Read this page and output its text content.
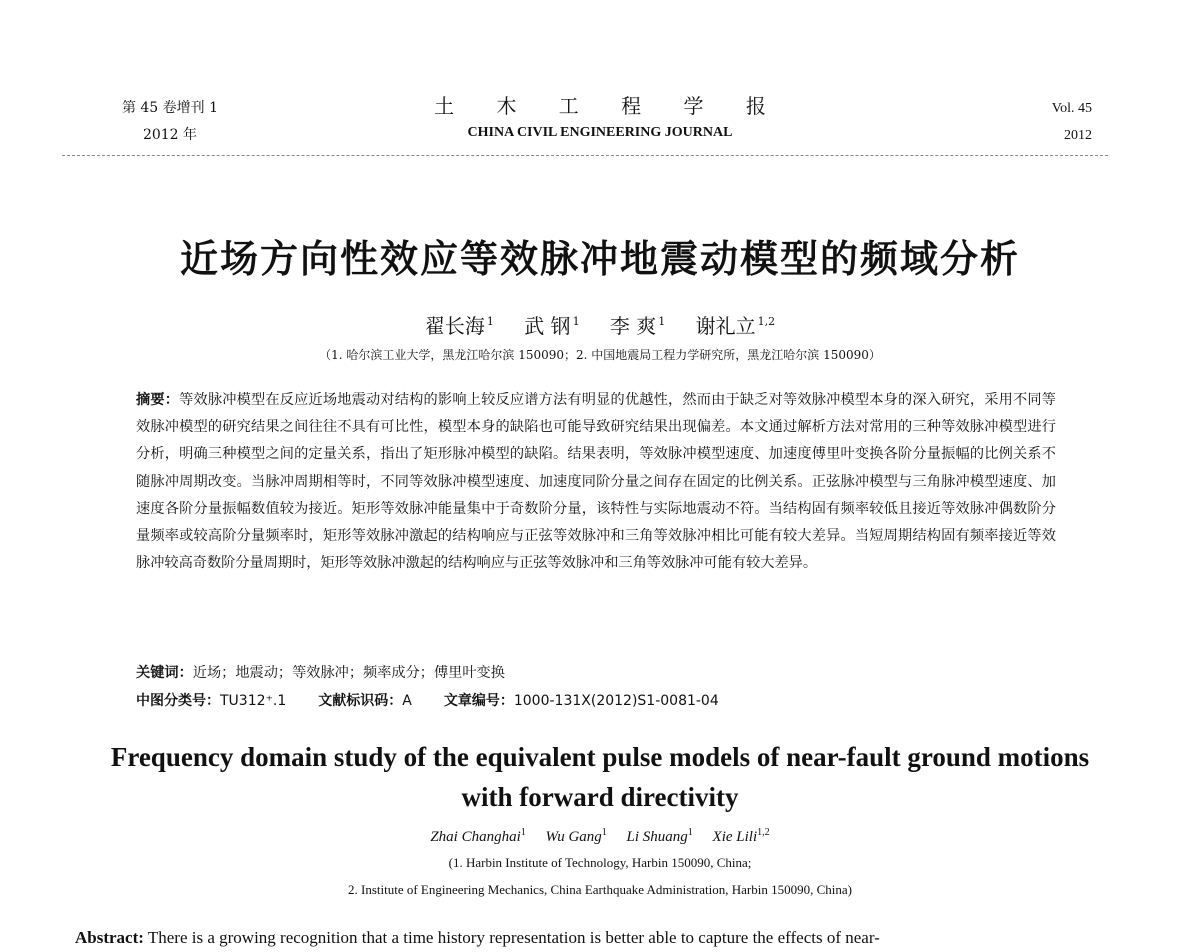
第 45 卷增刊 1
2012 年
土 木 工 程 学 报
CHINA CIVIL ENGINEERING JOURNAL
Vol. 45
2012
近场方向性效应等效脉冲地震动模型的频域分析
翟长海 $^1$ 武 钢 $^1$ 李 爽 $^1$ 谢礼立 $^{1,2}$
（1. 哈尔滨工业大学，黑龙江哈尔滨 150090；2. 中国地震局工程力学研究所，黑龙江哈尔滨 150090）
摘要：等效脉冲模型在反应近场地震动对结构的影响上较反应谱方法有明显的优越性，然而由于缺乏对等效脉冲模型本身的深入研究，采用不同等效脉冲模型的研究结果之间往往不具有可比性，模型本身的缺陷也可能导致研究结果出现偏差。本文通过解析方法对常用的三种等效脉冲模型进行分析，明确三种模型之间的定量关系，指出了矩形脉冲模型的缺陷。结果表明，等效脉冲模型速度、加速度傅里叶变换各阶分量振幅的比例关系不随脉冲周期改变。当脉冲周期相等时，不同等效脉冲模型速度、加速度同阶分量之间存在固定的比例关系。正弦脉冲模型与三角脉冲模型速度、加速度各阶分量振幅数值较为接近。矩形等效脉冲能量集中于奇数阶分量，该特性与实际地震动不符。当结构固有频率较低且接近等效脉冲偶数阶分量频率或较高阶分量频率时，矩形等效脉冲激起的结构响应与正弦等效脉冲和三角等效脉冲相比可能有较大差异。当短周期结构固有频率接近等效脉冲较高奇数阶分量周期时，矩形等效脉冲激起的结构响应与正弦等效脉冲和三角等效脉冲可能有较大差异。
关键词：近场；地震动；等效脉冲；频率成分；傅里叶变换
中图分类号：TU312⁺.1 文献标识码：A 文章编号：1000-131X(2012)S1-0081-04
Frequency domain study of the equivalent pulse models of near-fault ground motions with forward directivity
Zhai Changhai$^1$ Wu Gang$^1$ Li Shuang$^1$ Xie Lili$^{1,2}$
(1. Harbin Institute of Technology, Harbin 150090, China;
2. Institute of Engineering Mechanics, China Earthquake Administration, Harbin 150090, China)
Abstract: There is a growing recognition that a time history representation is better able to capture the effects of near-
